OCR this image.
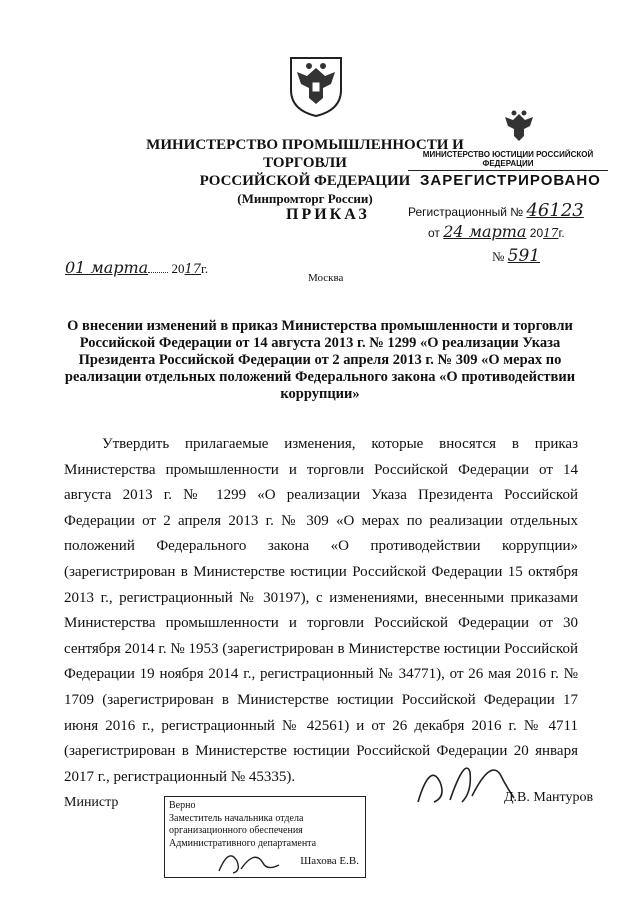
МИНИСТЕРСТВО ПРОМЫШЛЕННОСТИ И ТОРГОВЛИ
РОССИЙСКОЙ ФЕДЕРАЦИИ
(Минпромторг России)
ПРИКАЗ
01 марта 2017г.
№ 591
Москва
МИНИСТЕРСТВО ЮСТИЦИИ РОССИЙСКОЙ ФЕДЕРАЦИИ
ЗАРЕГИСТРИРОВАНО
Регистрационный № 46123
от 24 марта 2017г.
О внесении изменений в приказ Министерства промышленности и торговли Российской Федерации от 14 августа 2013 г. № 1299 «О реализации Указа Президента Российской Федерации от 2 апреля 2013 г. № 309 «О мерах по реализации отдельных положений Федерального закона «О противодействии коррупции»
Утвердить прилагаемые изменения, которые вносятся в приказ Министерства промышленности и торговли Российской Федерации от 14 августа 2013 г. № 1299 «О реализации Указа Президента Российской Федерации от 2 апреля 2013 г. № 309 «О мерах по реализации отдельных положений Федерального закона «О противодействии коррупции» (зарегистрирован в Министерстве юстиции Российской Федерации 15 октября 2013 г., регистрационный № 30197), с изменениями, внесенными приказами Министерства промышленности и торговли Российской Федерации от 30 сентября 2014 г. № 1953 (зарегистрирован в Министерстве юстиции Российской Федерации 19 ноября 2014 г., регистрационный № 34771), от 26 мая 2016 г. № 1709 (зарегистрирован в Министерстве юстиции Российской Федерации 17 июня 2016 г., регистрационный № 42561) и от 26 декабря 2016 г. № 4711 (зарегистрирован в Министерстве юстиции Российской Федерации 20 января 2017 г., регистрационный № 45335).
Министр	Д.В. Мантуров
Верно
Заместитель начальника отдела
организационного обеспечения
Административного департамента
Шахова Е.В.
